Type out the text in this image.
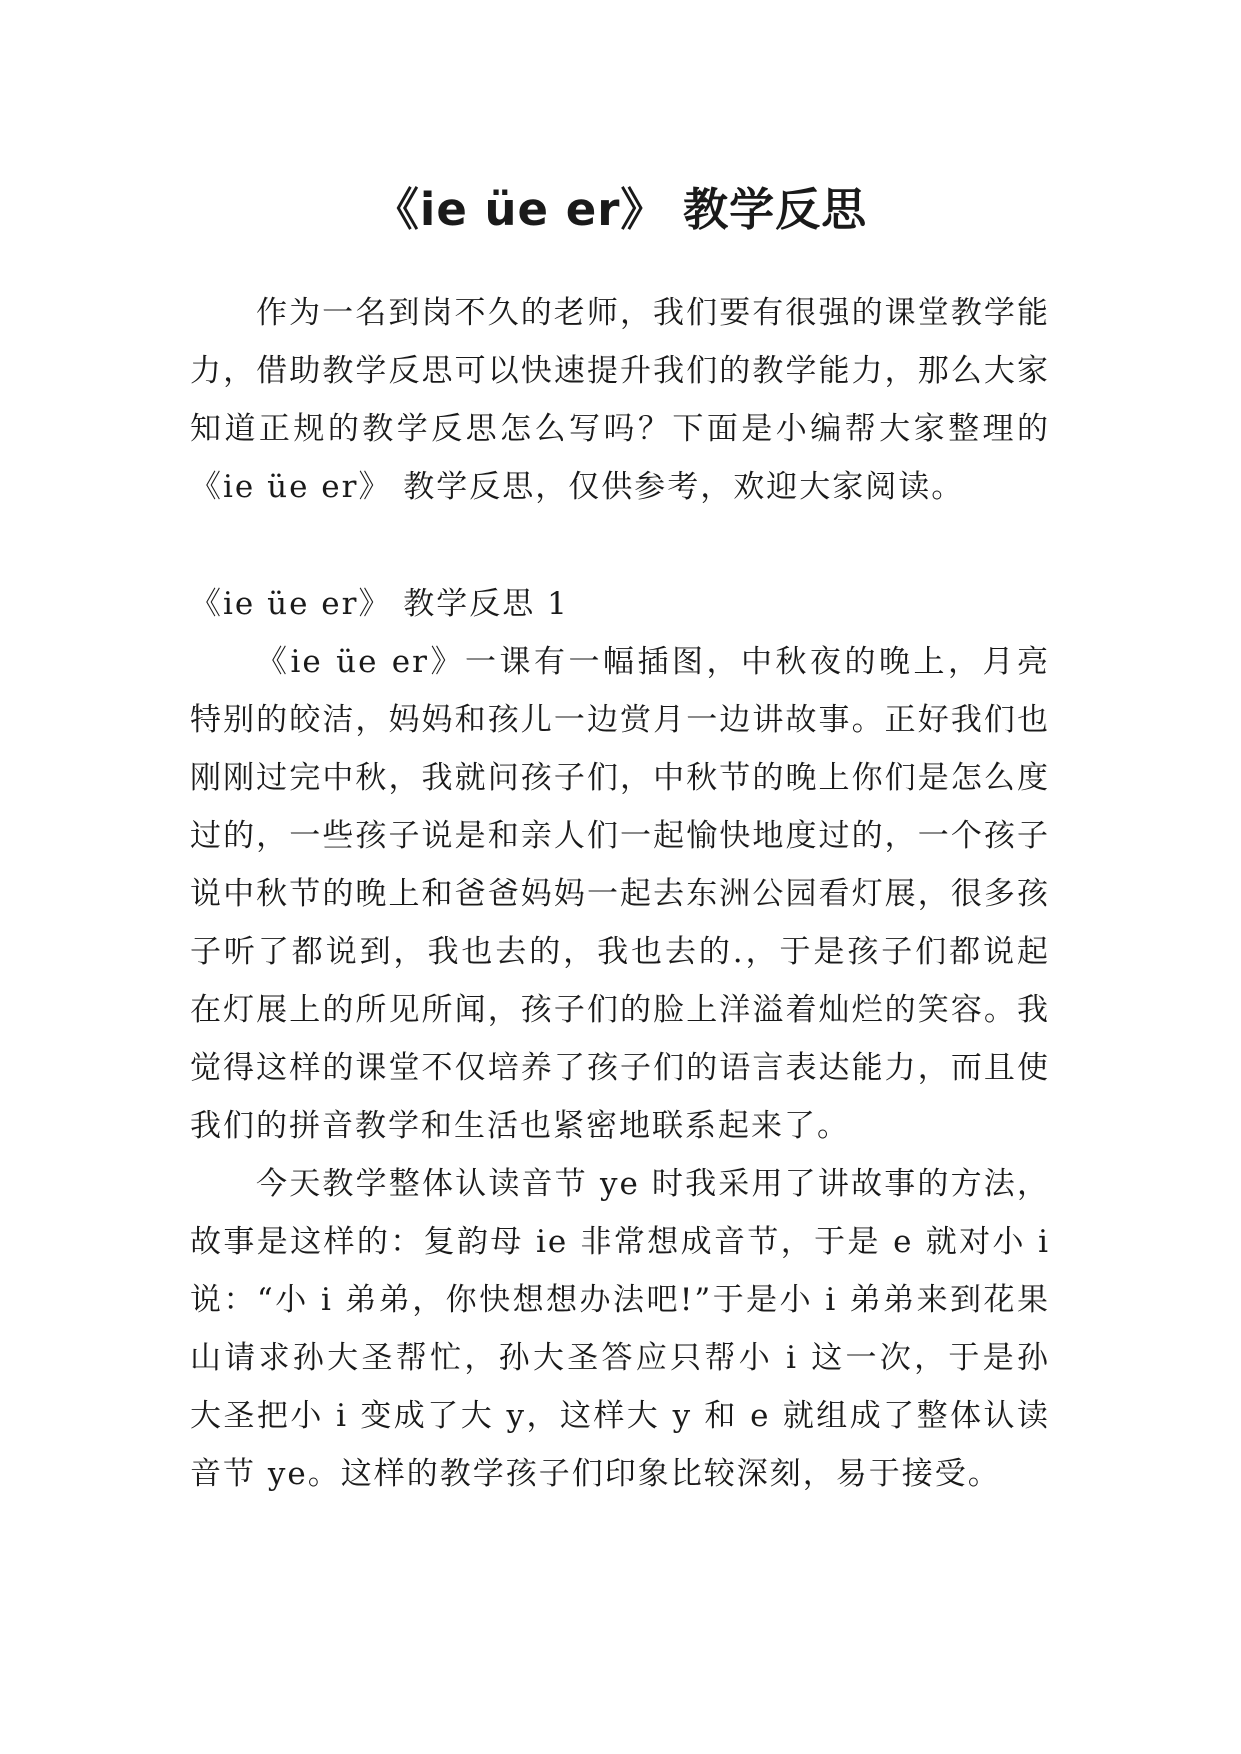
《ie üe er》 教学反思

作为一名到岗不久的老师，我们要有很强的课堂教学能力，借助教学反思可以快速提升我们的教学能力，那么大家知道正规的教学反思怎么写吗？下面是小编帮大家整理的《ie üe er》 教学反思，仅供参考，欢迎大家阅读。

《ie üe er》 教学反思 1

《ie üe er》一课有一幅插图，中秋夜的晚上，月亮特别的皎洁，妈妈和孩儿一边赏月一边讲故事。正好我们也刚刚过完中秋，我就问孩子们，中秋节的晚上你们是怎么度过的，一些孩子说是和亲人们一起愉快地度过的，一个孩子说中秋节的晚上和爸爸妈妈一起去东洲公园看灯展，很多孩子听了都说到，我也去的，我也去的.，于是孩子们都说起在灯展上的所见所闻，孩子们的脸上洋溢着灿烂的笑容。我觉得这样的课堂不仅培养了孩子们的语言表达能力，而且使我们的拼音教学和生活也紧密地联系起来了。

今天教学整体认读音节 ye 时我采用了讲故事的方法，故事是这样的：复韵母 ie 非常想成音节，于是 e 就对小 i 说：“小 i 弟弟，你快想想办法吧!”于是小 i 弟弟来到花果山请求孙大圣帮忙，孙大圣答应只帮小 i 这一次，于是孙大圣把小 i 变成了大 y，这样大 y 和 e 就组成了整体认读音节 ye。这样的教学孩子们印象比较深刻，易于接受。
